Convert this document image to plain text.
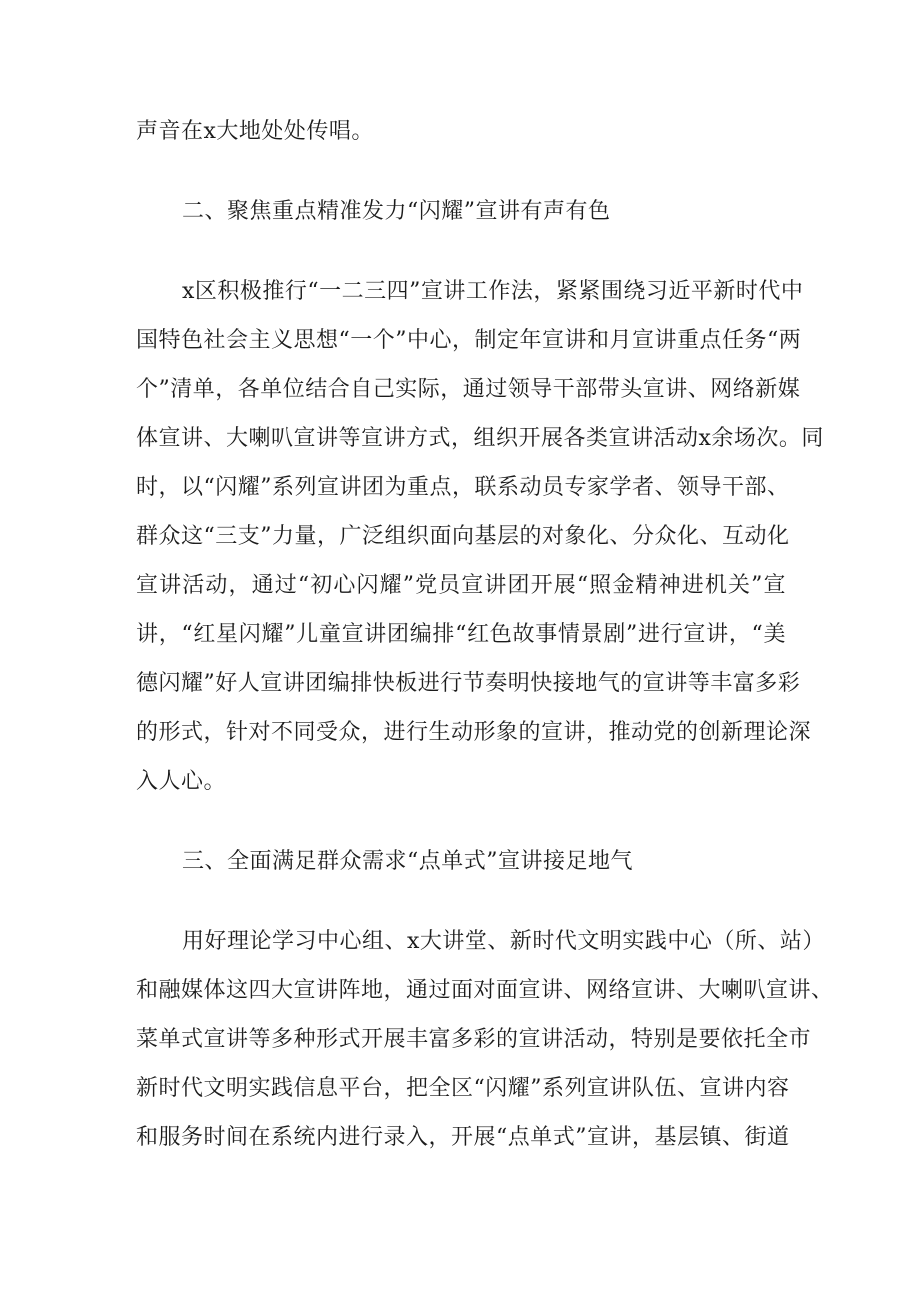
声音在x大地处处传唱。

二、聚焦重点精准发力“闪耀”宣讲有声有色

x区积极推行“一二三四”宣讲工作法，紧紧围绕习近平新时代中

国特色社会主义思想“一个”中心，制定年宣讲和月宣讲重点任务“两

个”清单，各单位结合自己实际，通过领导干部带头宣讲、网络新媒

体宣讲、大喇叭宣讲等宣讲方式，组织开展各类宣讲活动x余场次。同

时，以“闪耀”系列宣讲团为重点，联系动员专家学者、领导干部、

群众这“三支”力量，广泛组织面向基层的对象化、分众化、互动化

宣讲活动，通过“初心闪耀”党员宣讲团开展“照金精神进机关”宣

讲，“红星闪耀”儿童宣讲团编排“红色故事情景剧”进行宣讲，“美

德闪耀”好人宣讲团编排快板进行节奏明快接地气的宣讲等丰富多彩

的形式，针对不同受众，进行生动形象的宣讲，推动党的创新理论深

入人心。

三、全面满足群众需求“点单式”宣讲接足地气

用好理论学习中心组、x大讲堂、新时代文明实践中心（所、站）

和融媒体这四大宣讲阵地，通过面对面宣讲、网络宣讲、大喇叭宣讲、

菜单式宣讲等多种形式开展丰富多彩的宣讲活动，特别是要依托全市

新时代文明实践信息平台，把全区“闪耀”系列宣讲队伍、宣讲内容

和服务时间在系统内进行录入，开展“点单式”宣讲，基层镇、街道
